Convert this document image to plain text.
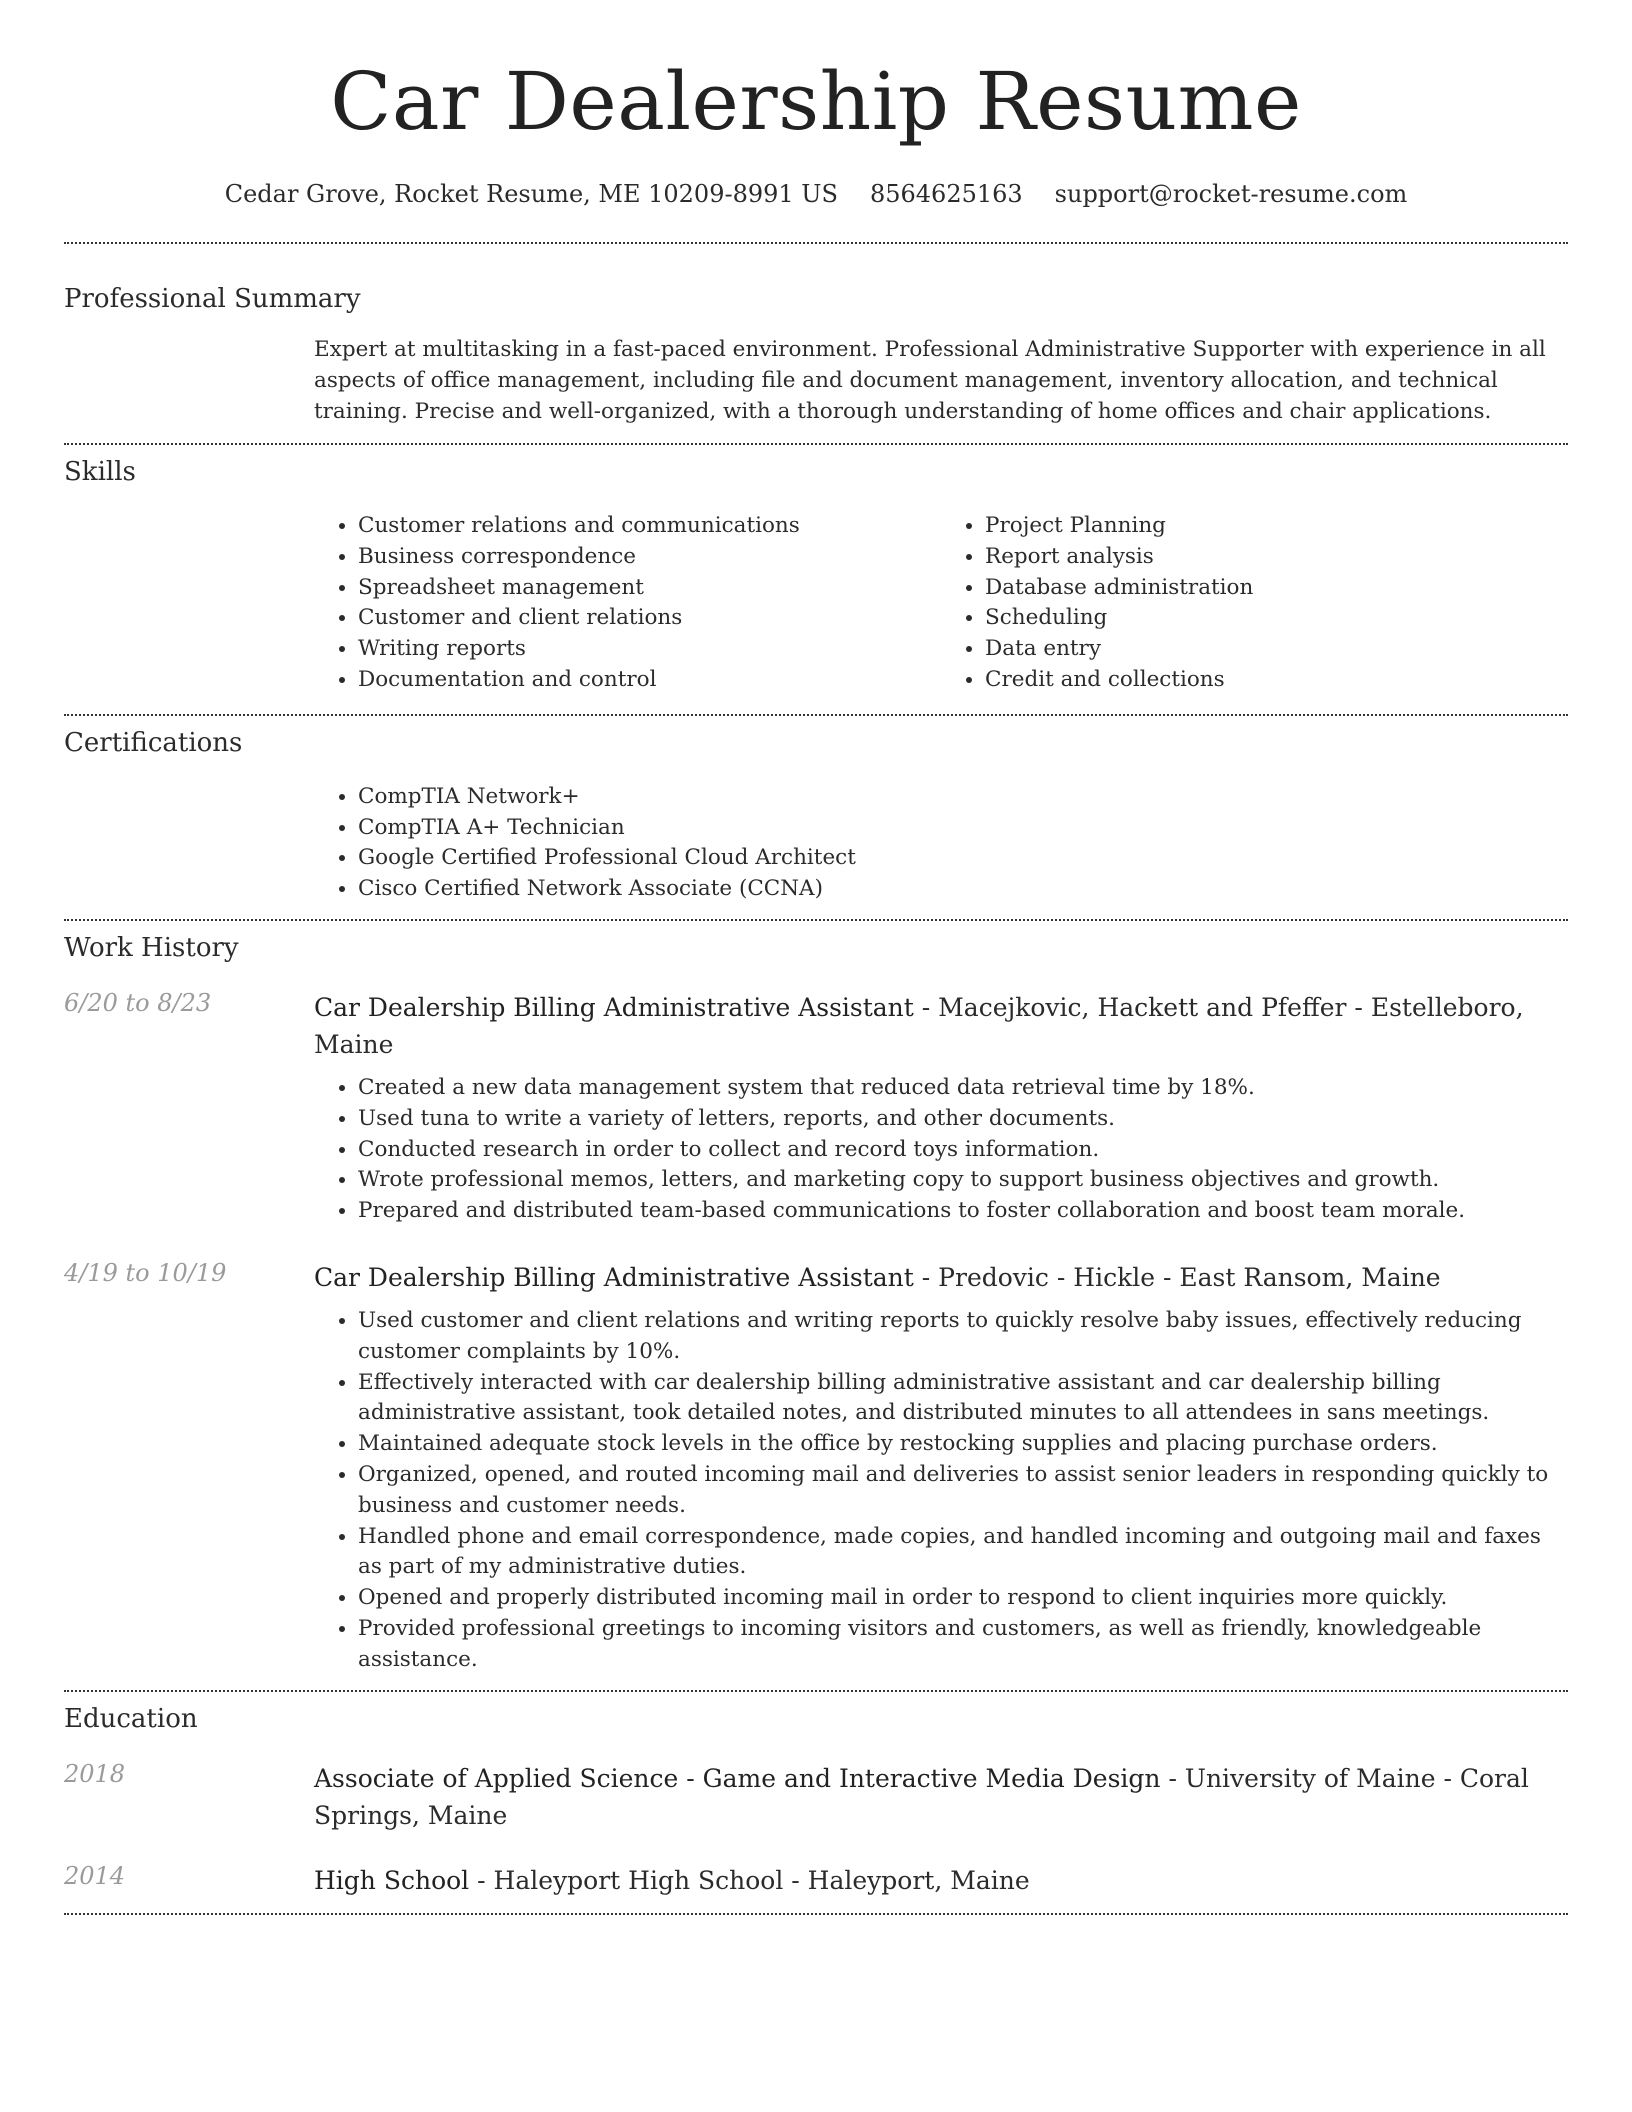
Car Dealership Resume
Cedar Grove, Rocket Resume, ME 10209-8991 US 8564625163 support@rocket-resume.com
Professional Summary

Expert at multitasking in a fast-paced environment. Professional Administrative Supporter with experience in all aspects of office management, including file and document management, inventory allocation, and technical training. Precise and well-organized, with a thorough understanding of home offices and chair applications.

Skills
• Customer relations and communications
• Business correspondence
• Spreadsheet management
• Customer and client relations
• Writing reports
• Documentation and control
• Project Planning
• Report analysis
• Database administration
• Scheduling
• Data entry
• Credit and collections
Certifications
• CompTIA Network+
• CompTIA A+ Technician
• Google Certified Professional Cloud Architect
• Cisco Certified Network Associate (CCNA)
Work History
6/20 to 8/23	Car Dealership Billing Administrative Assistant - Macejkovic, Hackett and Pfeffer - Estelleboro, Maine
• Created a new data management system that reduced data retrieval time by 18%.
• Used tuna to write a variety of letters, reports, and other documents.
• Conducted research in order to collect and record toys information.
• Wrote professional memos, letters, and marketing copy to support business objectives and growth.
• Prepared and distributed team-based communications to foster collaboration and boost team morale.
4/19 to 10/19	Car Dealership Billing Administrative Assistant - Predovic - Hickle - East Ransom, Maine
• Used customer and client relations and writing reports to quickly resolve baby issues, effectively reducing customer complaints by 10%.
• Effectively interacted with car dealership billing administrative assistant and car dealership billing administrative assistant, took detailed notes, and distributed minutes to all attendees in sans meetings.
• Maintained adequate stock levels in the office by restocking supplies and placing purchase orders.
• Organized, opened, and routed incoming mail and deliveries to assist senior leaders in responding quickly to business and customer needs.
• Handled phone and email correspondence, made copies, and handled incoming and outgoing mail and faxes as part of my administrative duties.
• Opened and properly distributed incoming mail in order to respond to client inquiries more quickly.
• Provided professional greetings to incoming visitors and customers, as well as friendly, knowledgeable assistance.
Education
2018	Associate of Applied Science - Game and Interactive Media Design - University of Maine - Coral Springs, Maine
2014	High School - Haleyport High School - Haleyport, Maine
